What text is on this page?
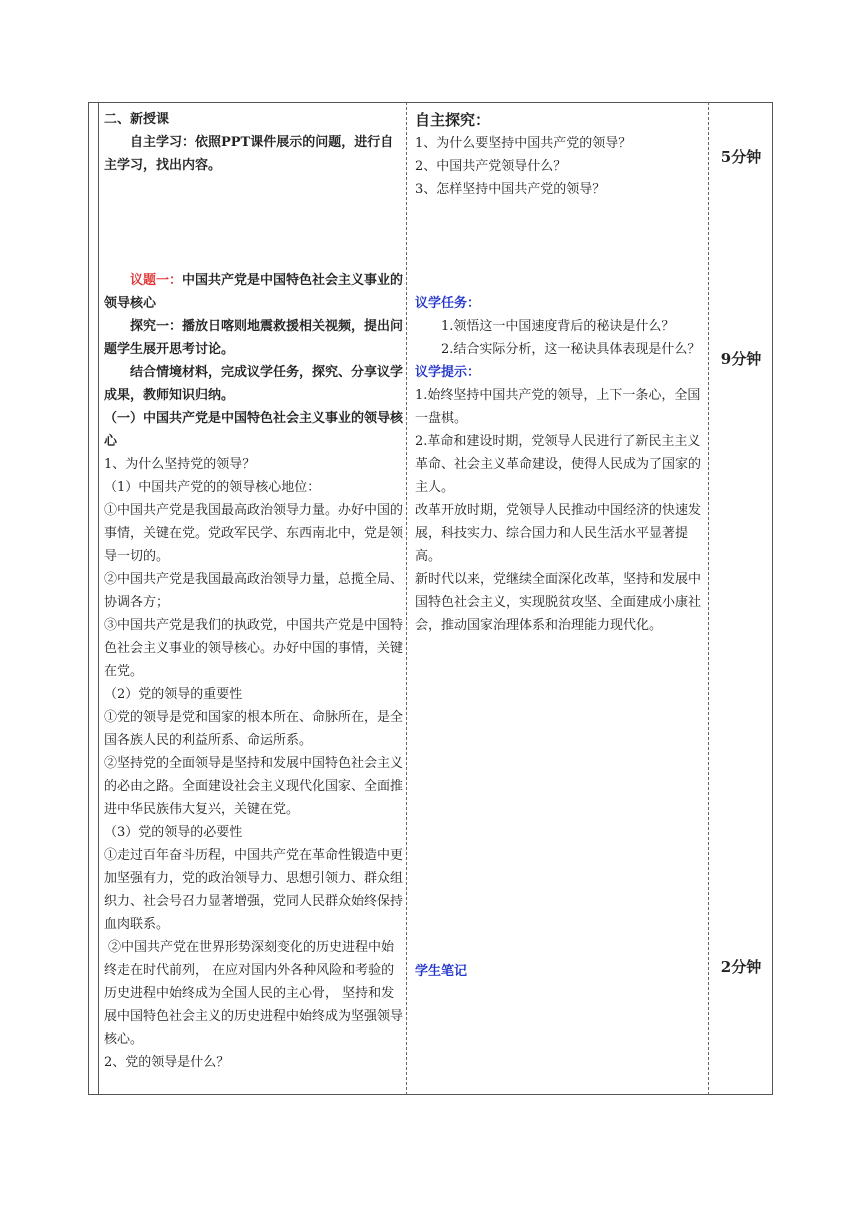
二、新授课

自主学习：依照PPT课件展示的问题，进行自主学习，找出内容。

议题一：中国共产党是中国特色社会主义事业的领导核心

探究一：播放日喀则地震救援相关视频，提出问题学生展开思考讨论。

结合情境材料，完成议学任务，探究、分享议学成果，教师知识归纳。

（一）中国共产党是中国特色社会主义事业的领导核心

1、为什么坚持党的领导？

（1）中国共产党的的领导核心地位：

①中国共产党是我国最高政治领导力量。办好中国的事情，关键在党。党政军民学、东西南北中，党是领导一切的。

②中国共产党是我国最高政治领导力量，总揽全局、协调各方；

③中国共产党是我们的执政党，中国共产党是中国特色社会主义事业的领导核心。办好中国的事情，关键在党。

（2）党的领导的重要性

①党的领导是党和国家的根本所在、命脉所在，是全国各族人民的利益所系、命运所系。

②坚持党的全面领导是坚持和发展中国特色社会主义的必由之路。全面建设社会主义现代化国家、全面推进中华民族伟大复兴，关键在党。

（3）党的领导的必要性

①走过百年奋斗历程，中国共产党在革命性锻造中更加坚强有力，党的政治领导力、思想引领力、群众组织力、社会号召力显著增强，党同人民群众始终保持血肉联系。

②中国共产党在世界形势深刻变化的历史进程中始终走在时代前列， 在应对国内外各种风险和考验的历史进程中始终成为全国人民的主心骨， 坚持和发展中国特色社会主义的历史进程中始终成为坚强领导核心。

2、党的领导是什么？

自主探究：

1、为什么要坚持中国共产党的领导？

2、中国共产党领导什么？

3、怎样坚持中国共产党的领导？

议学任务：

1.领悟这一中国速度背后的秘诀是什么？

2.结合实际分析，这一秘诀具体表现是什么？

议学提示：

1.始终坚持中国共产党的领导，上下一条心，全国一盘棋。

2.革命和建设时期，党领导人民进行了新民主主义革命、社会主义革命建设，使得人民成为了国家的主人。

改革开放时期，党领导人民推动中国经济的快速发展，科技实力、综合国力和人民生活水平显著提高。

新时代以来，党继续全面深化改革，坚持和发展中国特色社会主义，实现脱贫攻坚、全面建成小康社会，推动国家治理体系和治理能力现代化。

学生笔记

5分钟

9分钟

2分钟
